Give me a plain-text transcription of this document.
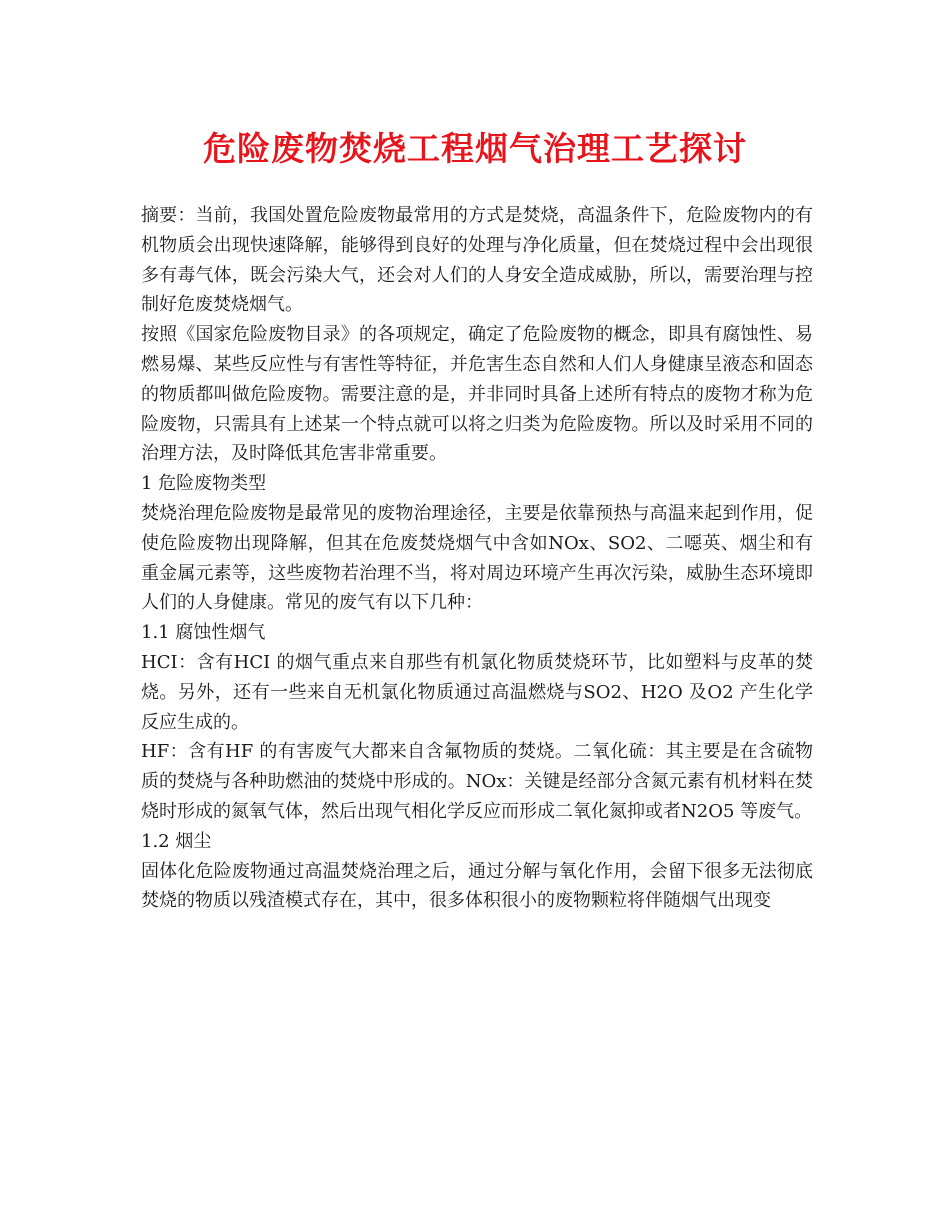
危险废物焚烧工程烟气治理工艺探讨

摘要：当前，我国处置危险废物最常用的方式是焚烧，高温条件下，危险废物内的有机物质会出现快速降解，能够得到良好的处理与净化质量，但在焚烧过程中会出现很多有毒气体，既会污染大气，还会对人们的人身安全造成威胁，所以，需要治理与控制好危废焚烧烟气。

按照《国家危险废物目录》的各项规定，确定了危险废物的概念，即具有腐蚀性、易燃易爆、某些反应性与有害性等特征，并危害生态自然和人们人身健康呈液态和固态的物质都叫做危险废物。需要注意的是，并非同时具备上述所有特点的废物才称为危险废物，只需具有上述某一个特点就可以将之归类为危险废物。所以及时采用不同的治理方法，及时降低其危害非常重要。

1 危险废物类型

焚烧治理危险废物是最常见的废物治理途径，主要是依靠预热与高温来起到作用，促使危险废物出现降解，但其在危废焚烧烟气中含如NOx、SO2、二噁英、烟尘和有重金属元素等，这些废物若治理不当，将对周边环境产生再次污染，威胁生态环境即人们的人身健康。常见的废气有以下几种：

1.1 腐蚀性烟气

HCI：含有HCI 的烟气重点来自那些有机氯化物质焚烧环节，比如塑料与皮革的焚烧。另外，还有一些来自无机氯化物质通过高温燃烧与SO2、H2O 及O2 产生化学反应生成的。

HF：含有HF 的有害废气大都来自含氟物质的焚烧。二氧化硫：其主要是在含硫物质的焚烧与各种助燃油的焚烧中形成的。NOx：关键是经部分含氮元素有机材料在焚烧时形成的氮氧气体，然后出现气相化学反应而形成二氧化氮抑或者N2O5 等废气。

1.2 烟尘

固体化危险废物通过高温焚烧治理之后，通过分解与氧化作用，会留下很多无法彻底焚烧的物质以残渣模式存在，其中，很多体积很小的废物颗粒将伴随烟气出现变
